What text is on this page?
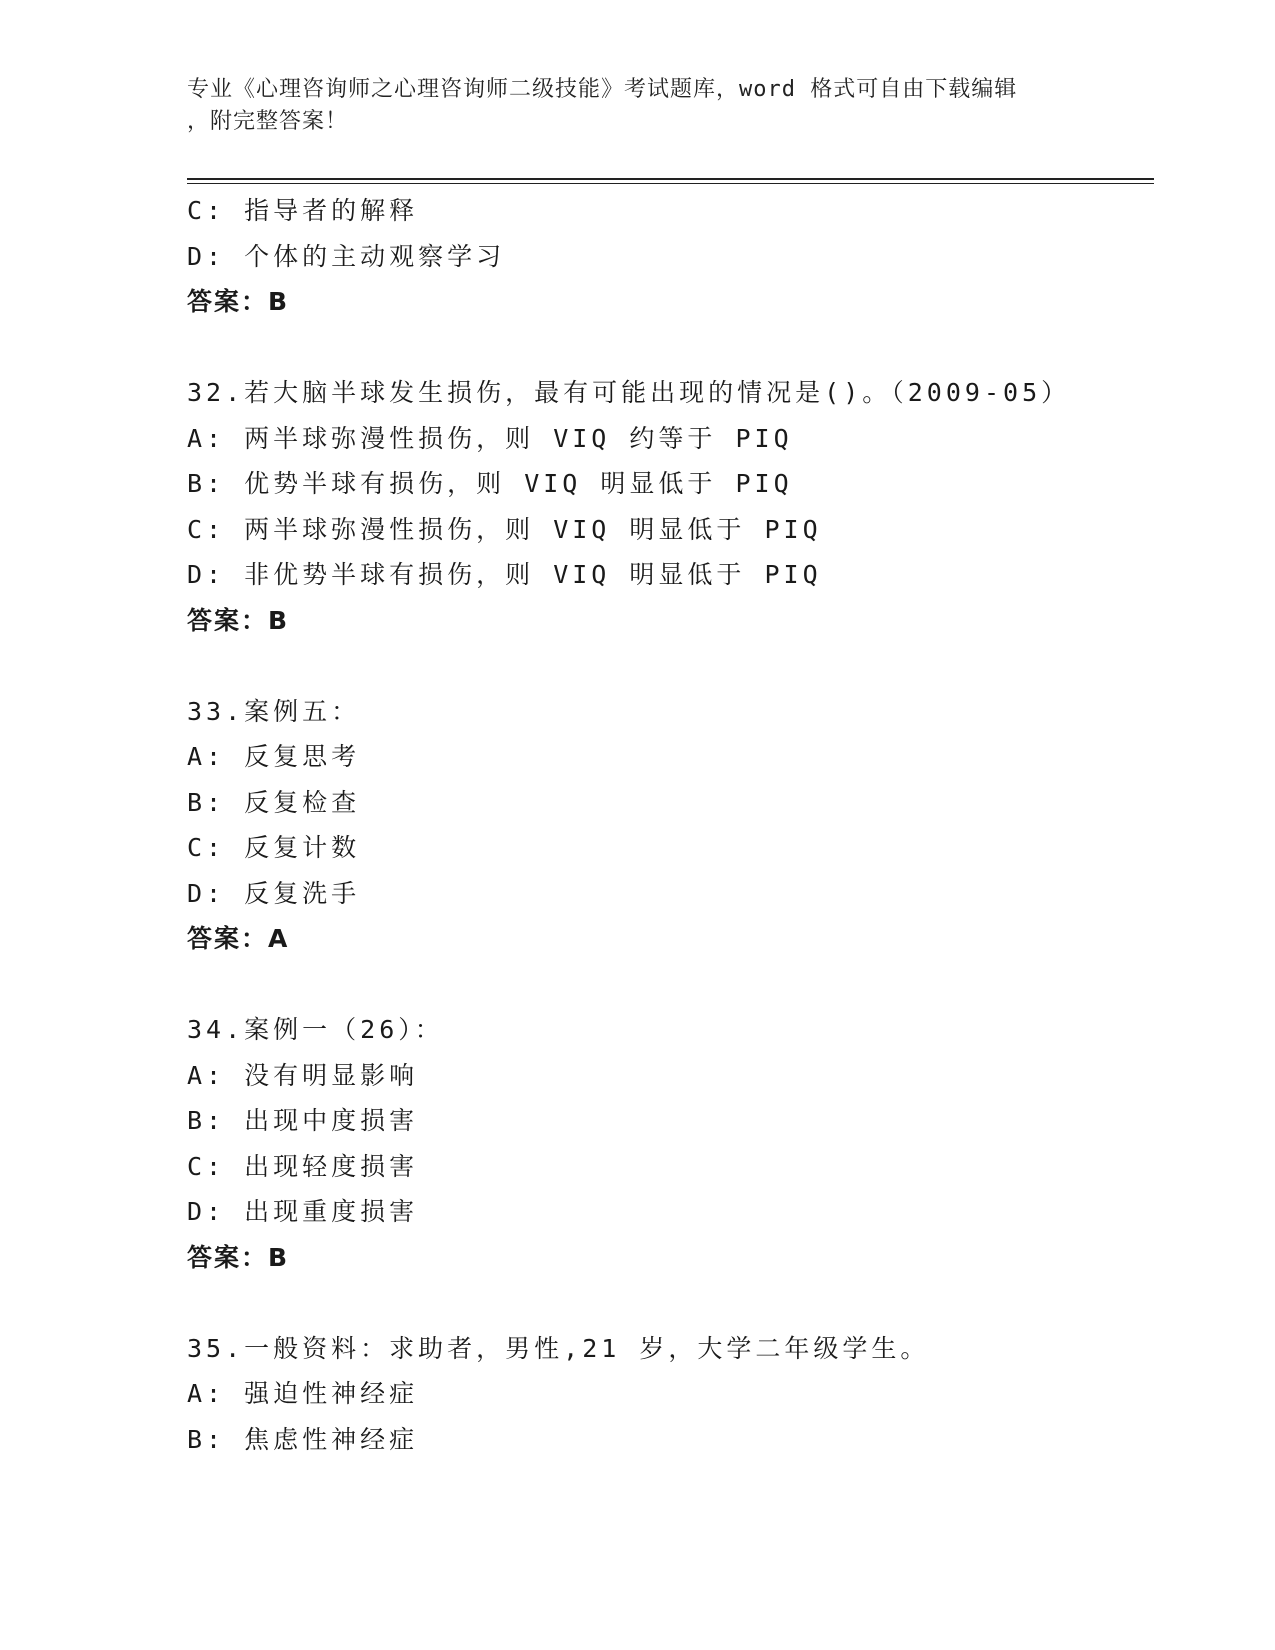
专业《心理咨询师之心理咨询师二级技能》考试题库，word 格式可自由下载编辑
，附完整答案！
C: 指导者的解释
D: 个体的主动观察学习
答案：B
32.若大脑半球发生损伤，最有可能出现的情况是()。（2009-05）
A: 两半球弥漫性损伤，则 VIQ 约等于 PIQ
B: 优势半球有损伤，则 VIQ 明显低于 PIQ
C: 两半球弥漫性损伤，则 VIQ 明显低于 PIQ
D: 非优势半球有损伤，则 VIQ 明显低于 PIQ
答案：B
33.案例五：
A: 反复思考
B: 反复检查
C: 反复计数
D: 反复洗手
答案：A
34.案例一（26）：
A: 没有明显影响
B: 出现中度损害
C: 出现轻度损害
D: 出现重度损害
答案：B
35.一般资料：求助者，男性,21 岁，大学二年级学生。
A: 强迫性神经症
B: 焦虑性神经症
